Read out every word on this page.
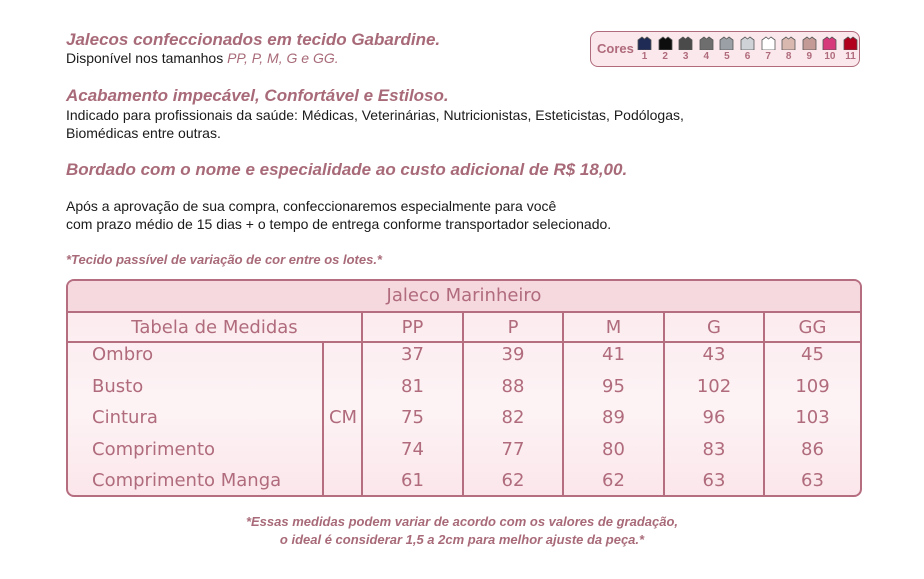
Jalecos confeccionados em tecido Gabardine.
Disponível nos tamanhos PP, P, M, G e GG.
Acabamento impecável, Confortável e Estiloso.
Indicado para profissionais da saúde: Médicas, Veterinárias, Nutricionistas, Esteticistas, Podólogas, Biomédicas entre outras.
Bordado com o nome e especialidade ao custo adicional de R$ 18,00.
Após a aprovação de sua compra, confeccionaremos especialmente para você
com prazo médio de 15 dias + o tempo de entrega conforme transportador selecionado.
*Tecido passível de variação de cor entre os lotes.*
Cores
1	2	3	4	5	6	7	8	9	10 11
Jaleco Marinheiro
Tabela de Medidas	PP	P	M	G	GG
CM
Ombro	37	39	41	43	45
Busto	81	88	95	102	109
Cintura	75	82	89	96	103
Comprimento	74	77	80	83	86
Comprimento Manga	61	62	62	63	63
*Essas medidas podem variar de acordo com os valores de gradação,
o ideal é considerar 1,5 a 2cm para melhor ajuste da peça.*
